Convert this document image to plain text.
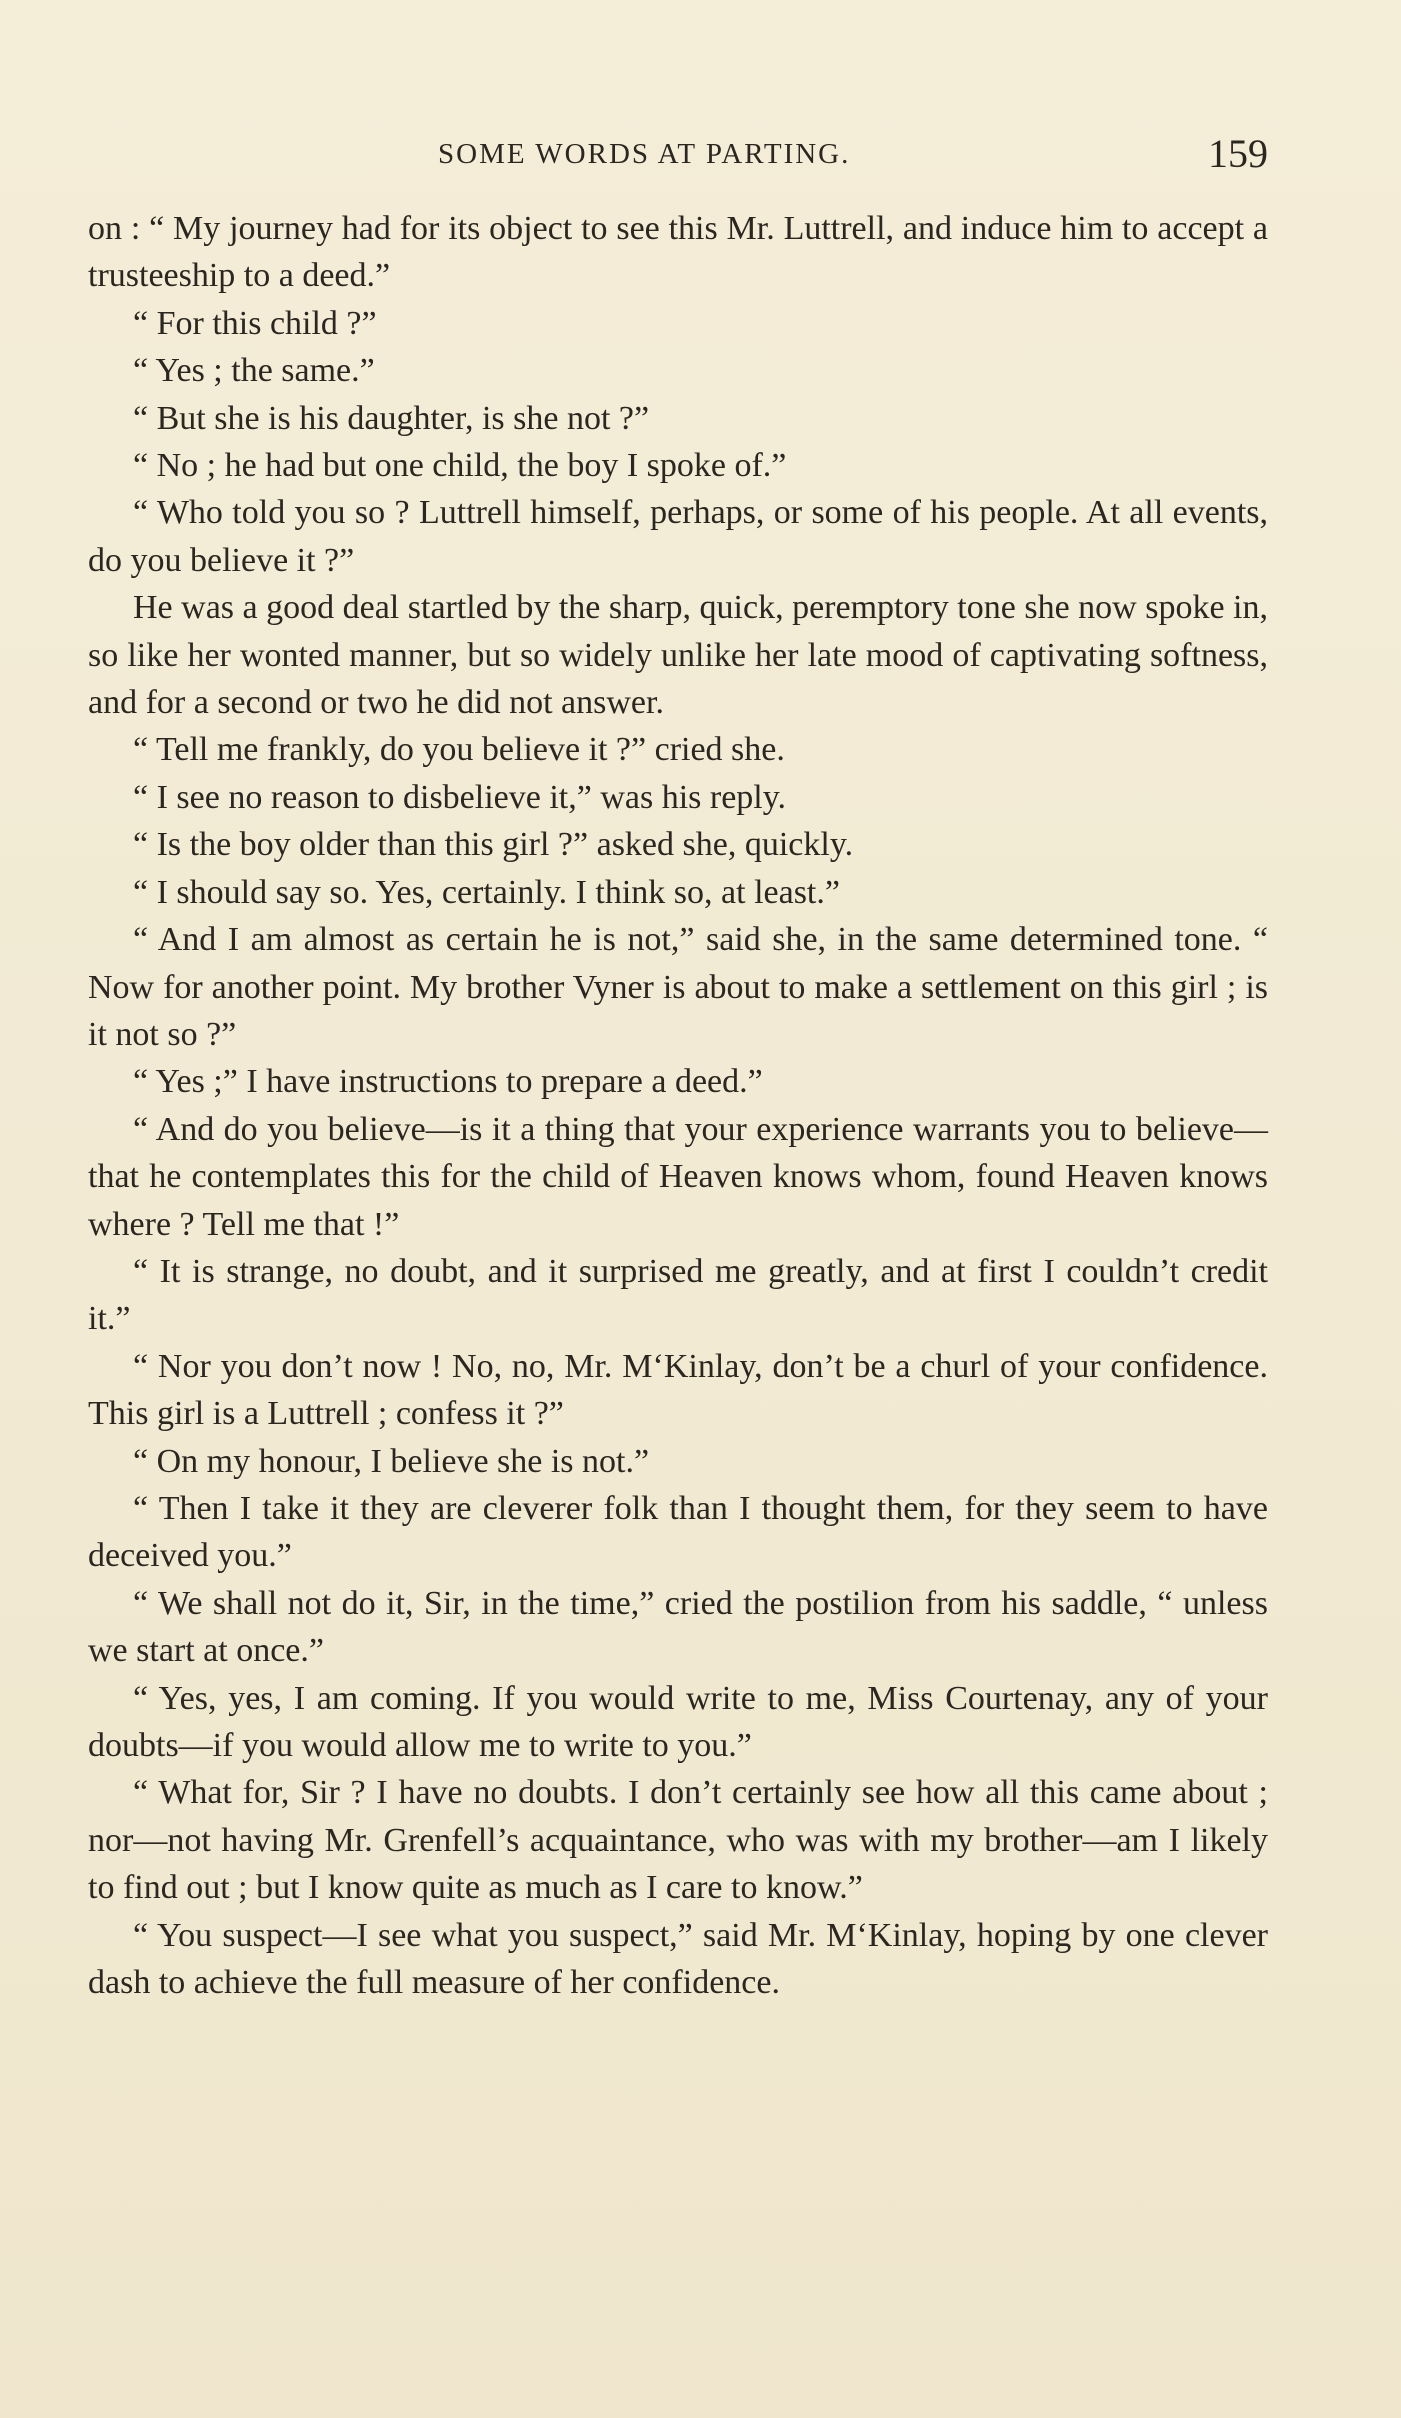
SOME WORDS AT PARTING.	159

on : “ My journey had for its object to see this Mr. Luttrell, and induce him to accept a trusteeship to a deed.”

“ For this child ?”

“ Yes ; the same.”

“ But she is his daughter, is she not ?”

“ No ; he had but one child, the boy I spoke of.”

“ Who told you so ? Luttrell himself, perhaps, or some of his people. At all events, do you believe it ?”

He was a good deal startled by the sharp, quick, peremptory tone she now spoke in, so like her wonted manner, but so widely unlike her late mood of captivating softness, and for a second or two he did not answer.

“ Tell me frankly, do you believe it ?” cried she.

“ I see no reason to disbelieve it,” was his reply.

“ Is the boy older than this girl ?” asked she, quickly.

“ I should say so. Yes, certainly. I think so, at least.”

“ And I am almost as certain he is not,” said she, in the same determined tone. “ Now for another point. My brother Vyner is about to make a settlement on this girl ; is it not so ?”

“ Yes ;” I have instructions to prepare a deed.”

“ And do you believe—is it a thing that your experience warrants you to believe—that he contemplates this for the child of Heaven knows whom, found Heaven knows where ? Tell me that !”

“ It is strange, no doubt, and it surprised me greatly, and at first I couldn’t credit it.”

“ Nor you don’t now ! No, no, Mr. M‘Kinlay, don’t be a churl of your confidence. This girl is a Luttrell ; confess it ?”

“ On my honour, I believe she is not.”

“ Then I take it they are cleverer folk than I thought them, for they seem to have deceived you.”

“ We shall not do it, Sir, in the time,” cried the postilion from his saddle, “ unless we start at once.”

“ Yes, yes, I am coming. If you would write to me, Miss Courtenay, any of your doubts—if you would allow me to write to you.”

“ What for, Sir ? I have no doubts. I don’t certainly see how all this came about ; nor—not having Mr. Grenfell’s acquaintance, who was with my brother—am I likely to find out ; but I know quite as much as I care to know.”

“ You suspect—I see what you suspect,” said Mr. M‘Kinlay, hoping by one clever dash to achieve the full measure of her confidence.
